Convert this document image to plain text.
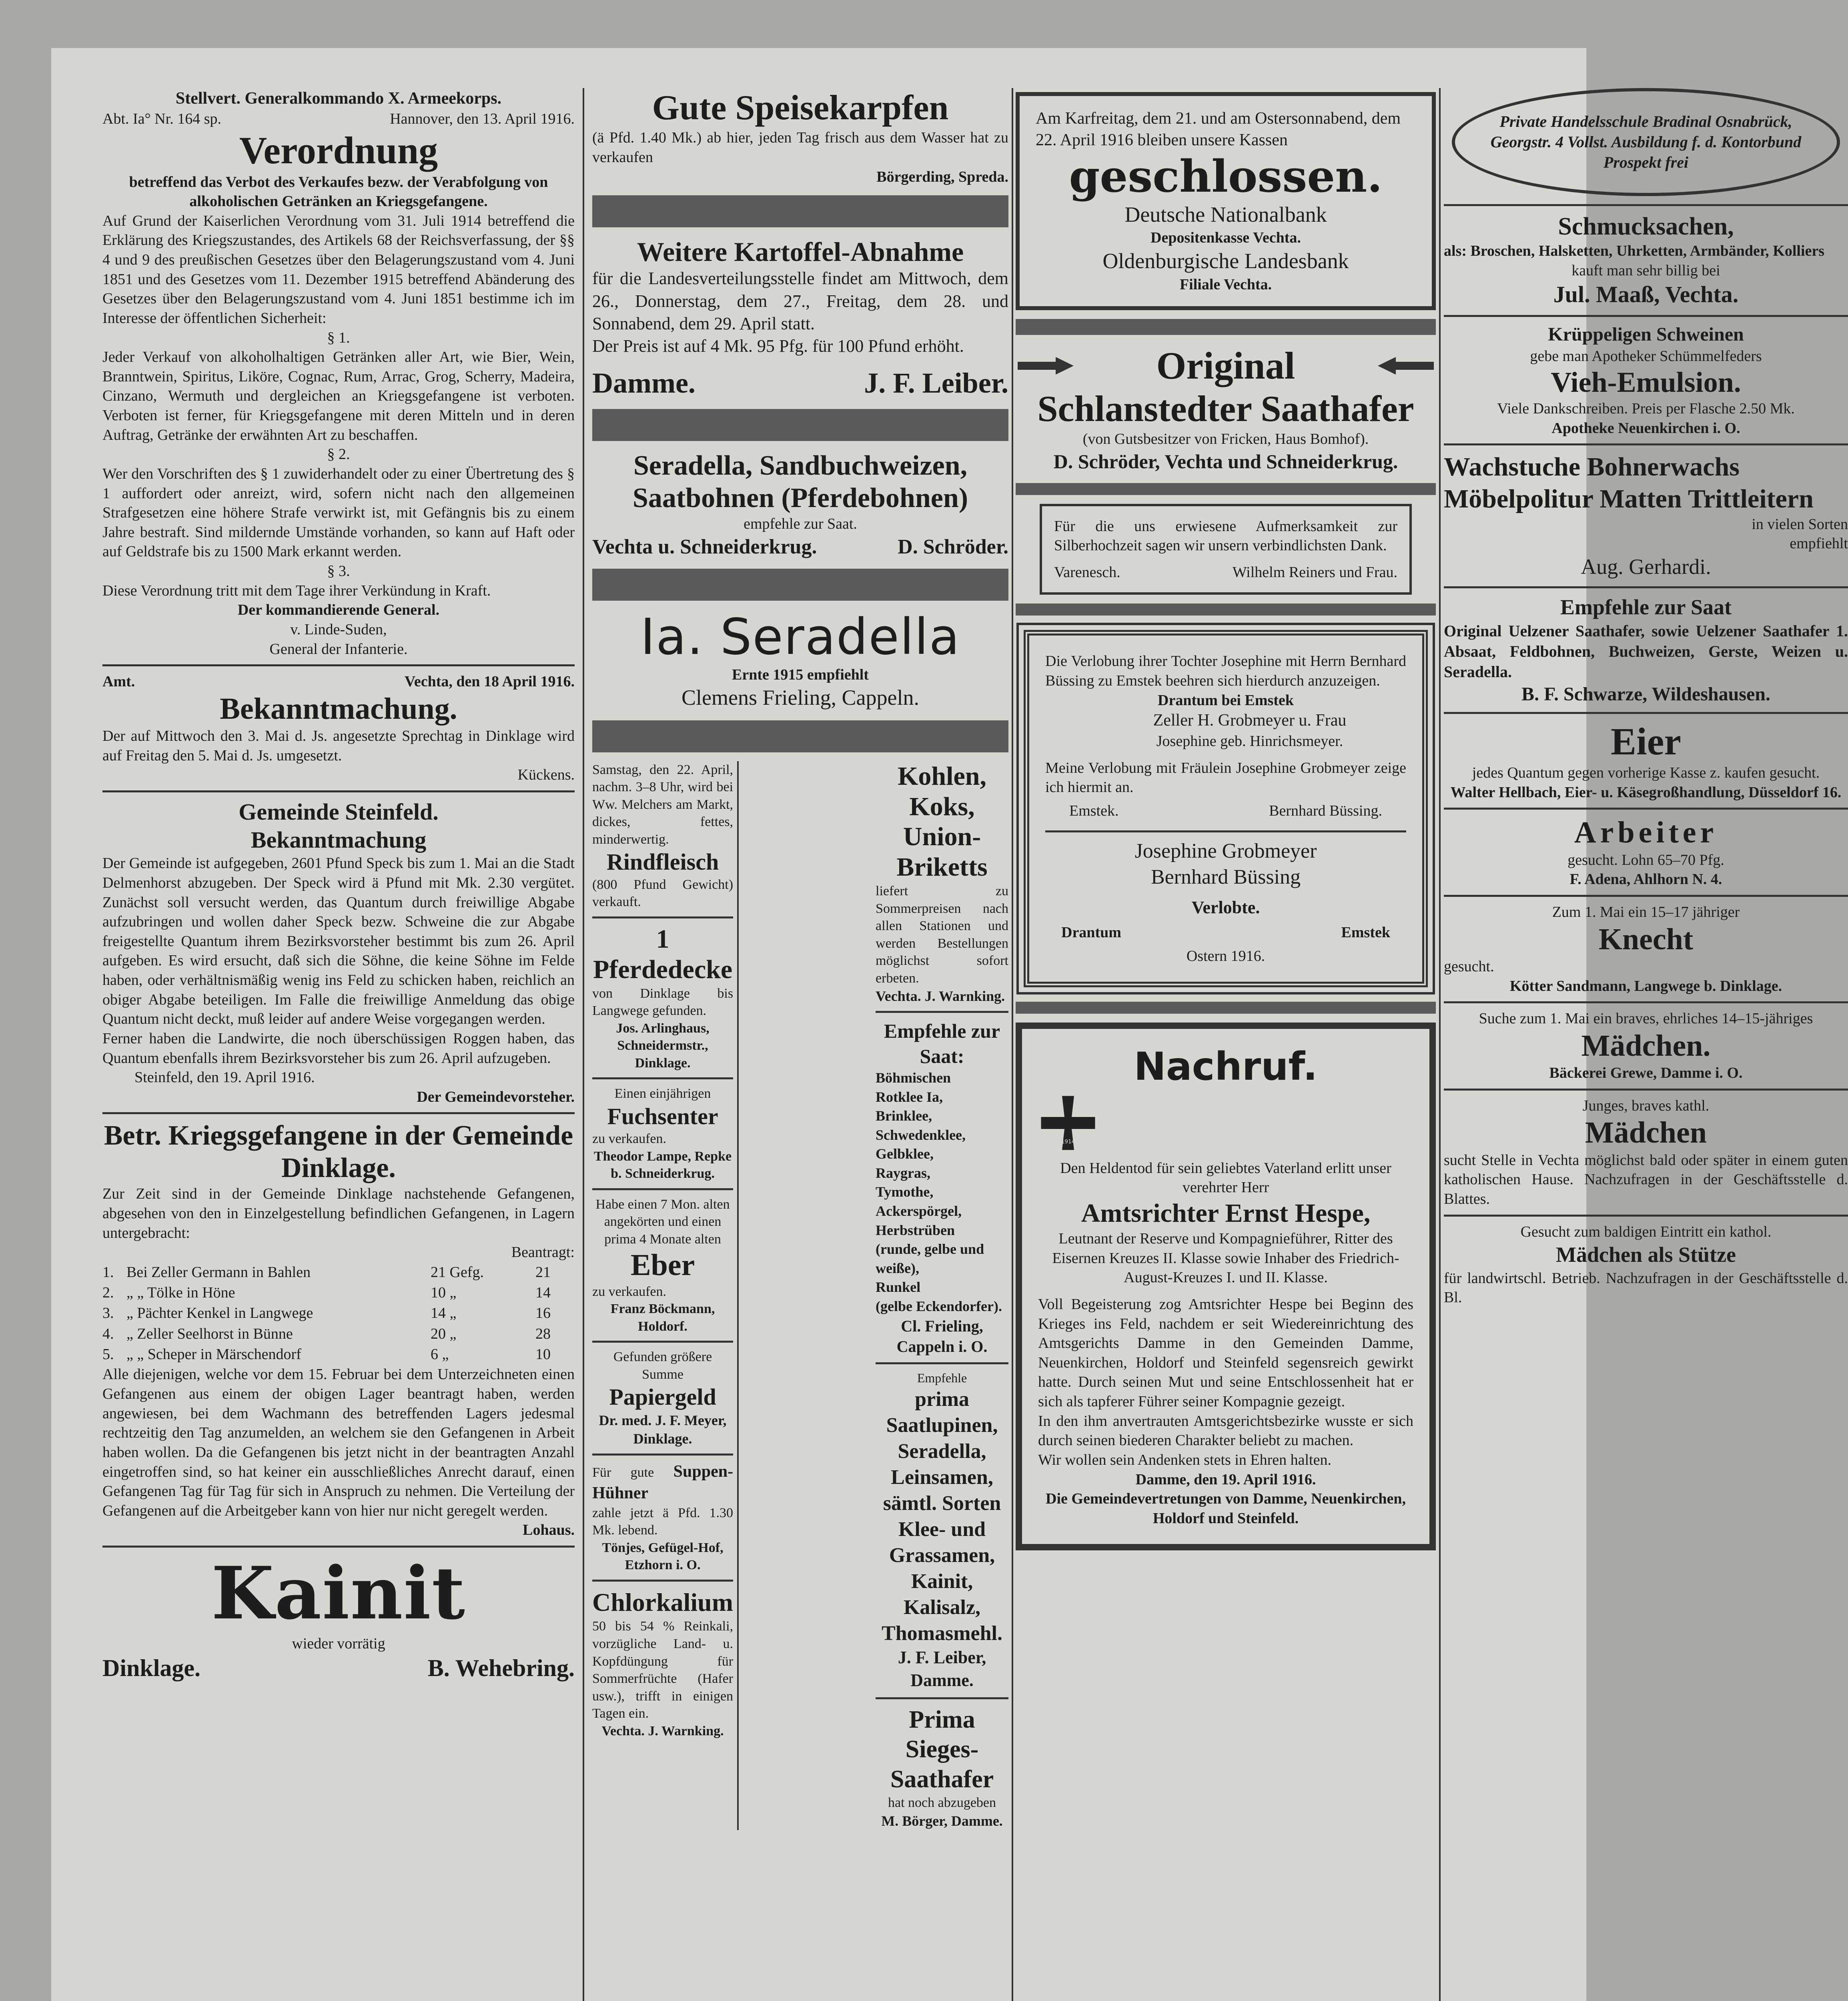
Stellvert. Generalkommando X. Armeekorps.
Abt. Ia° Nr. 164 sp.	Hannover, den 13. April 1916.
Verordnung
betreffend das Verbot des Verkaufes bezw. der Verabfolgung von alkoholischen Getränken an Kriegsgefangene.
Auf Grund der Kaiserlichen Verordnung vom 31. Juli 1914 betreffend die Erklärung des Kriegszustandes, des Artikels 68 der Reichsverfassung, der §§ 4 und 9 des preußischen Gesetzes über den Belagerungszustand vom 4. Juni 1851 und des Gesetzes vom 11. Dezember 1915 betreffend Abänderung des Gesetzes über den Belagerungszustand vom 4. Juni 1851 bestimme ich im Interesse der öffentlichen Sicherheit:
§ 1.
Jeder Verkauf von alkoholhaltigen Getränken aller Art, wie Bier, Wein, Branntwein, Spiritus, Liköre, Cognac, Rum, Arrac, Grog, Scherry, Madeira, Cinzano, Wermuth und dergleichen an Kriegsgefangene ist verboten. Verboten ist ferner, für Kriegsgefangene mit deren Mitteln und in deren Auftrag, Getränke der erwähnten Art zu beschaffen.
§ 2.
Wer den Vorschriften des § 1 zuwiderhandelt oder zu einer Übertretung des § 1 auffordert oder anreizt, wird, sofern nicht nach den allgemeinen Strafgesetzen eine höhere Strafe verwirkt ist, mit Gefängnis bis zu einem Jahre bestraft. Sind mildernde Umstände vorhanden, so kann auf Haft oder auf Geldstrafe bis zu 1500 Mark erkannt werden.
§ 3.
Diese Verordnung tritt mit dem Tage ihrer Verkündung in Kraft.
Der kommandierende General.
v. Linde-Suden,
General der Infanterie.
Amt.	Vechta, den 18 April 1916.
Bekanntmachung.
Der auf Mittwoch den 3. Mai d. Js. angesetzte Sprechtag in Dinklage wird auf Freitag den 5. Mai d. Js. umgesetzt.
Kückens.
Gemeinde Steinfeld.
Bekanntmachung
Der Gemeinde ist aufgegeben, 2601 Pfund Speck bis zum 1. Mai an die Stadt Delmenhorst abzugeben. Der Speck wird ä Pfund mit Mk. 2.30 vergütet. Zunächst soll versucht werden, das Quantum durch freiwillige Abgabe aufzubringen und wollen daher Speck bezw. Schweine die zur Abgabe freigestellte Quantum ihrem Bezirksvorsteher bestimmt bis zum 26. April aufgeben. Es wird ersucht, daß sich die Söhne, die keine Söhne im Felde haben, oder verhältnismäßig wenig ins Feld zu schicken haben, reichlich an obiger Abgabe beteiligen. Im Falle die freiwillige Anmeldung das obige Quantum nicht deckt, muß leider auf andere Weise vorgegangen werden.
Ferner haben die Landwirte, die noch überschüssigen Roggen haben, das Quantum ebenfalls ihrem Bezirksvorsteher bis zum 26. April aufzugeben.
Steinfeld, den 19. April 1916.
Der Gemeindevorsteher.
Betr. Kriegsgefangene in der Gemeinde Dinklage.
Zur Zeit sind in der Gemeinde Dinklage nachstehende Gefangenen, abgesehen von den in Einzelgestellung befindlichen Gefangenen, in Lagern untergebracht:
Beantragt:
1. Bei Zeller Germann in Bahlen	21 Gefg.	21
2. „ „ Tölke in Höne	10 „	14
3. „ Pächter Kenkel in Langwege	14 „	16
4. „ Zeller Seelhorst in Bünne	20 „	28
5. „ „ Scheper in Märschendorf	6 „	10
Alle diejenigen, welche vor dem 15. Februar bei dem Unterzeichneten einen Gefangenen aus einem der obigen Lager beantragt haben, werden angewiesen, bei dem Wachmann des betreffenden Lagers jedesmal rechtzeitig den Tag anzumelden, an welchem sie den Gefangenen in Arbeit haben wollen. Da die Gefangenen bis jetzt nicht in der beantragten Anzahl eingetroffen sind, so hat keiner ein ausschließliches Anrecht darauf, einen Gefangenen Tag für Tag für sich in Anspruch zu nehmen. Die Verteilung der Gefangenen auf die Arbeitgeber kann von hier nur nicht geregelt werden.
Lohaus.
Kainit
wieder vorrätig
Dinklage.	B. Wehebring.
Gute Speisekarpfen
(ä Pfd. 1.40 Mk.) ab hier, jeden Tag frisch aus dem Wasser hat zu verkaufen
Börgerding, Spreda.
Weitere Kartoffel-Abnahme
für die Landesverteilungsstelle findet am Mittwoch, dem 26., Donnerstag, dem 27., Freitag, dem 28. und Sonnabend, dem 29. April statt.
Der Preis ist auf 4 Mk. 95 Pfg. für 100 Pfund erhöht.
Damme.	J. F. Leiber.
Seradella, Sandbuchweizen, Saatbohnen (Pferdebohnen)
empfehle zur Saat.
Vechta u. Schneiderkrug.	D. Schröder.
Ia. Seradella
Ernte 1915 empfiehlt
Clemens Frieling, Cappeln.
Samstag, den 22. April, nachm. 3–8 Uhr, wird bei Ww. Melchers am Markt, dickes, fettes, minderwertig.
Rindfleisch
(800 Pfund Gewicht) verkauft.
1 Pferdedecke
von Dinklage bis Langwege gefunden.
Jos. Arlinghaus, Schneidermstr., Dinklage.
Einen einjährigen
Fuchsenter
zu verkaufen.
Theodor Lampe, Repke b. Schneiderkrug.
Habe einen 7 Mon. alten angekörten und einen prima 4 Monate alten
Eber
zu verkaufen.
Franz Böckmann, Holdorf.
Gefunden größere Summe
Papiergeld
Dr. med. J. F. Meyer, Dinklage.
Für gute Suppen-Hühner
zahle jetzt ä Pfd. 1.30 Mk. lebend.
Tönjes, Gefügel-Hof, Etzhorn i. O.
Chlorkalium
50 bis 54 % Reinkali, vorzügliche Land- u. Kopfdüngung für Sommerfrüchte (Hafer usw.), trifft in einigen Tagen ein.
Vechta. J. Warnking.
Kohlen, Koks, Union-Briketts
liefert zu Sommerpreisen nach allen Stationen und werden Bestellungen möglichst sofort erbeten.
Vechta. J. Warnking.
Empfehle zur Saat:
Böhmischen
Rotklee Ia,
Brinklee,
Schwedenklee,
Gelbklee,
Raygras,
Tymothe,
Ackerspörgel,
Herbstrüben
(runde, gelbe und weiße),
Runkel
(gelbe Eckendorfer).
Cl. Frieling, Cappeln i. O.
Empfehle
prima Saatlupinen, Seradella, Leinsamen, sämtl. Sorten Klee- und Grassamen, Kainit, Kalisalz, Thomasmehl.
J. F. Leiber, Damme.
Prima Sieges-Saathafer
hat noch abzugeben
M. Börger, Damme.
Am Karfreitag, dem 21. und am Ostersonnabend, dem 22. April 1916 bleiben unsere Kassen
geschlossen.
Deutsche Nationalbank
Depositenkasse Vechta.
Oldenburgische Landesbank
Filiale Vechta.
Original
Schlanstedter Saathafer
(von Gutsbesitzer von Fricken, Haus Bomhof).
D. Schröder, Vechta und Schneiderkrug.
Für die uns erwiesene Aufmerksamkeit zur Silberhochzeit sagen wir unsern verbindlichsten Dank.
Varenesch.	Wilhelm Reiners und Frau.
Die Verlobung ihrer Tochter Josephine mit Herrn Bernhard Büssing zu Emstek beehren sich hierdurch anzuzeigen.
Drantum bei Emstek
Zeller H. Grobmeyer u. Frau
Josephine geb. Hinrichsmeyer.
Meine Verlobung mit Fräulein Josephine Grobmeyer zeige ich hiermit an.
Emstek.	Bernhard Büssing.
Josephine Grobmeyer
Bernhard Büssing
Verlobte.
Drantum	Emstek
Ostern 1916.
Nachruf.
1914
Den Heldentod für sein geliebtes Vaterland erlitt unser verehrter Herr
Amtsrichter Ernst Hespe,
Leutnant der Reserve und Kompagnieführer, Ritter des Eisernen Kreuzes II. Klasse sowie Inhaber des Friedrich-August-Kreuzes I. und II. Klasse.
Voll Begeisterung zog Amtsrichter Hespe bei Beginn des Krieges ins Feld, nachdem er seit Wiedereinrichtung des Amtsgerichts Damme in den Gemeinden Damme, Neuenkirchen, Holdorf und Steinfeld segensreich gewirkt hatte. Durch seinen Mut und seine Entschlossenheit hat er sich als tapferer Führer seiner Kompagnie gezeigt.
In den ihm anvertrauten Amtsgerichtsbezirke wusste er sich durch seinen biederen Charakter beliebt zu machen.
Wir wollen sein Andenken stets in Ehren halten.
Damme, den 19. April 1916.
Die Gemeindevertretungen von Damme, Neuenkirchen, Holdorf und Steinfeld.
Private Handelsschule Bradinal Osnabrück, Georgstr. 4 Vollst. Ausbildung f. d. Kontorbund Prospekt frei
Schmucksachen,
als: Broschen, Halsketten, Uhrketten, Armbänder, Kolliers
kauft man sehr billig bei
Jul. Maaß, Vechta.
Krüppeligen Schweinen
gebe man Apotheker Schümmelfeders
Vieh-Emulsion.
Viele Dankschreiben. Preis per Flasche 2.50 Mk.
Apotheke Neuenkirchen i. O.
Wachstuche Bohnerwachs Möbelpolitur Matten Trittleitern
in vielen Sorten
empfiehlt
Aug. Gerhardi.
Empfehle zur Saat
Original Uelzener Saathafer, sowie Uelzener Saathafer 1. Absaat, Feldbohnen, Buchweizen, Gerste, Weizen u. Seradella.
B. F. Schwarze, Wildeshausen.
Eier
jedes Quantum gegen vorherige Kasse z. kaufen gesucht.
Walter Hellbach, Eier- u. Käsegroßhandlung, Düsseldorf 16.
Arbeiter
gesucht. Lohn 65–70 Pfg.
F. Adena, Ahlhorn N. 4.
Zum 1. Mai ein 15–17 jähriger
Knecht
gesucht.
Kötter Sandmann, Langwege b. Dinklage.
Suche zum 1. Mai ein braves, ehrliches 14–15-jähriges
Mädchen.
Bäckerei Grewe, Damme i. O.
Junges, braves kathl.
Mädchen
sucht Stelle in Vechta möglichst bald oder später in einem guten katholischen Hause. Nachzufragen in der Geschäftsstelle d. Blattes.
Gesucht zum baldigen Eintritt ein kathol.
Mädchen als Stütze
für landwirtschl. Betrieb. Nachzufragen in der Geschäftsstelle d. Bl.
